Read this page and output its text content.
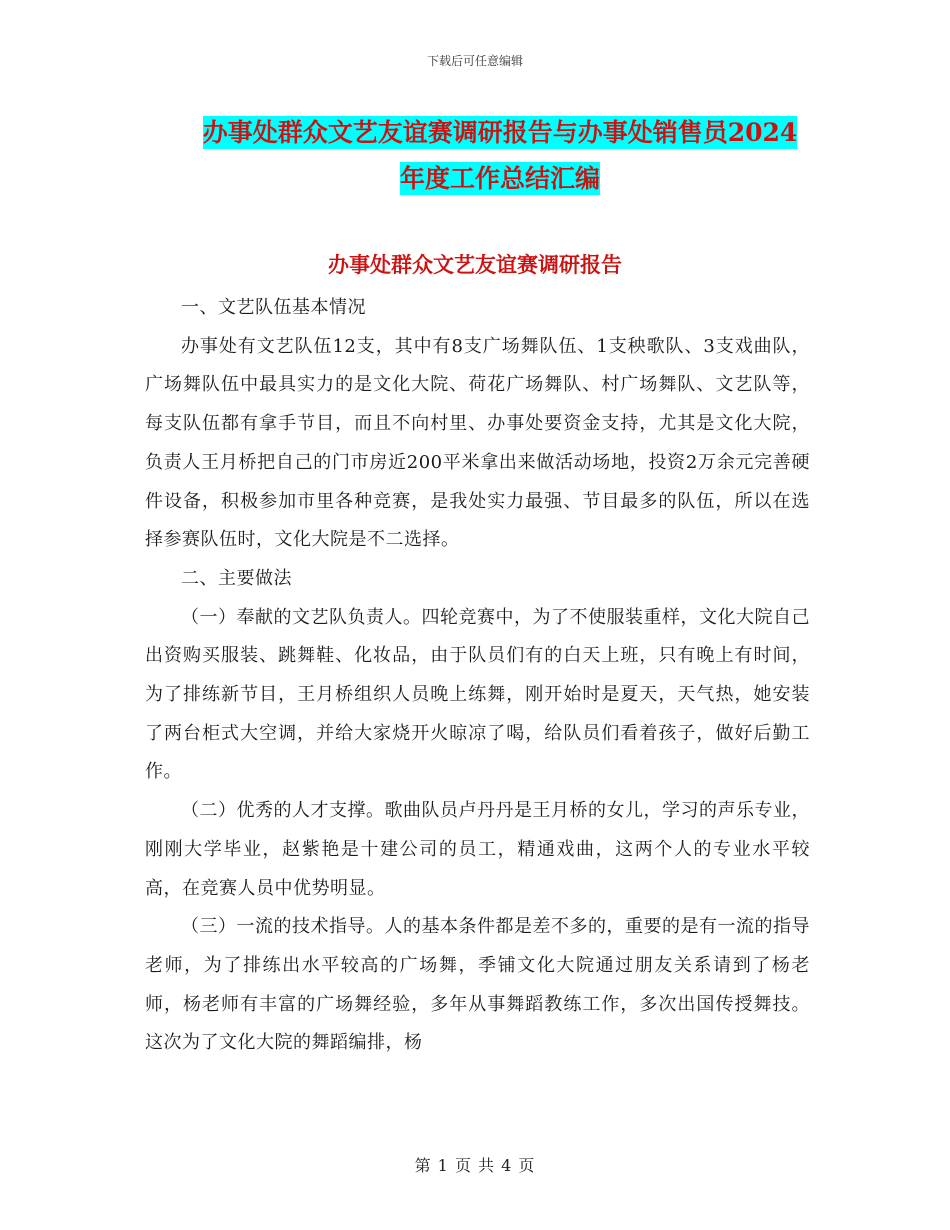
下载后可任意编辑
办事处群众文艺友谊赛调研报告与办事处销售员2024
年度工作总结汇编
办事处群众文艺友谊赛调研报告

一、文艺队伍基本情况

办事处有文艺队伍12支，其中有8支广场舞队伍、1支秧歌队、3支戏曲队，广场舞队伍中最具实力的是文化大院、荷花广场舞队、村广场舞队、文艺队等，每支队伍都有拿手节目，而且不向村里、办事处要资金支持，尤其是文化大院，负责人王月桥把自己的门市房近200平米拿出来做活动场地，投资2万余元完善硬件设备，积极参加市里各种竞赛，是我处实力最强、节目最多的队伍，所以在选择参赛队伍时，文化大院是不二选择。

二、主要做法

（一）奉献的文艺队负责人。四轮竞赛中，为了不使服装重样，文化大院自己出资购买服装、跳舞鞋、化妆品，由于队员们有的白天上班，只有晚上有时间，为了排练新节目，王月桥组织人员晚上练舞，刚开始时是夏天，天气热，她安装了两台柜式大空调，并给大家烧开火晾凉了喝，给队员们看着孩子，做好后勤工作。

（二）优秀的人才支撑。歌曲队员卢丹丹是王月桥的女儿，学习的声乐专业，刚刚大学毕业，赵紫艳是十建公司的员工，精通戏曲，这两个人的专业水平较高，在竞赛人员中优势明显。

（三）一流的技术指导。人的基本条件都是差不多的，重要的是有一流的指导老师，为了排练出水平较高的广场舞，季铺文化大院通过朋友关系请到了杨老师，杨老师有丰富的广场舞经验，多年从事舞蹈教练工作，多次出国传授舞技。这次为了文化大院的舞蹈编排，杨

第 1 页 共 4 页
